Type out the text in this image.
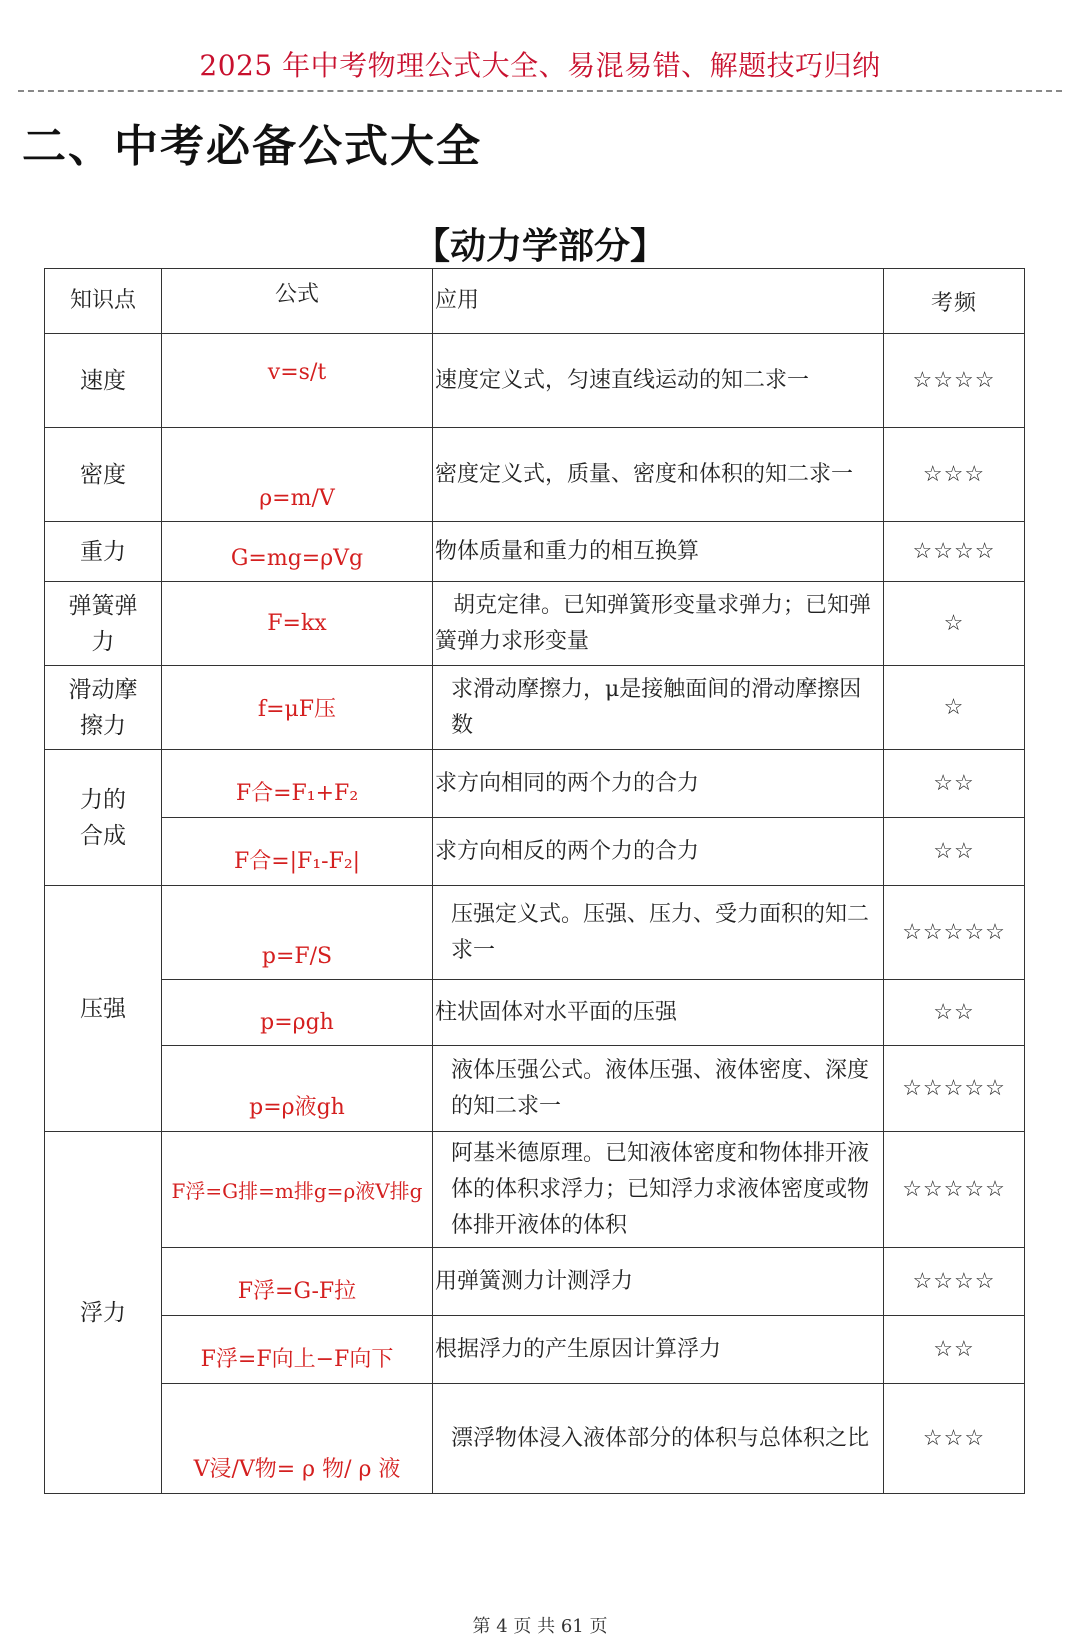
2025 年中考物理公式大全、易混易错、解题技巧归纳
二、中考必备公式大全
【动力学部分】
知识点	公式	应用	考频
速度	v=s/t	速度定义式，匀速直线运动的知二求一	☆☆☆☆
密度	ρ=m/V	密度定义式，质量、密度和体积的知二求一	☆☆☆
重力	G=mg=ρVg	物体质量和重力的相互换算	☆☆☆☆
弹簧弹力	F=kx	胡克定律。已知弹簧形变量求弹力；已知弹簧弹力求形变量	☆
滑动摩擦力	f=μF压	求滑动摩擦力，μ是接触面间的滑动摩擦因数	☆
力的合成	F合=F₁+F₂	求方向相同的两个力的合力	☆☆
	F合=|F₁-F₂|	求方向相反的两个力的合力	☆☆
压强	p=F/S	压强定义式。压强、压力、受力面积的知二求一	☆☆☆☆☆
	p=ρgh	柱状固体对水平面的压强	☆☆
	p=ρ液gh	液体压强公式。液体压强、液体密度、深度的知二求一	☆☆☆☆☆
浮力	F浮=G排=m排g=ρ液V排g	阿基米德原理。已知液体密度和物体排开液体的体积求浮力；已知浮力求液体密度或物体排开液体的体积	☆☆☆☆☆
	F浮=G-F拉	用弹簧测力计测浮力	☆☆☆☆
	F浮=F向上−F向下	根据浮力的产生原因计算浮力	☆☆
	V浸/V物= ρ 物/ ρ 液	漂浮物体浸入液体部分的体积与总体积之比	☆☆☆
第 4 页 共 61 页
